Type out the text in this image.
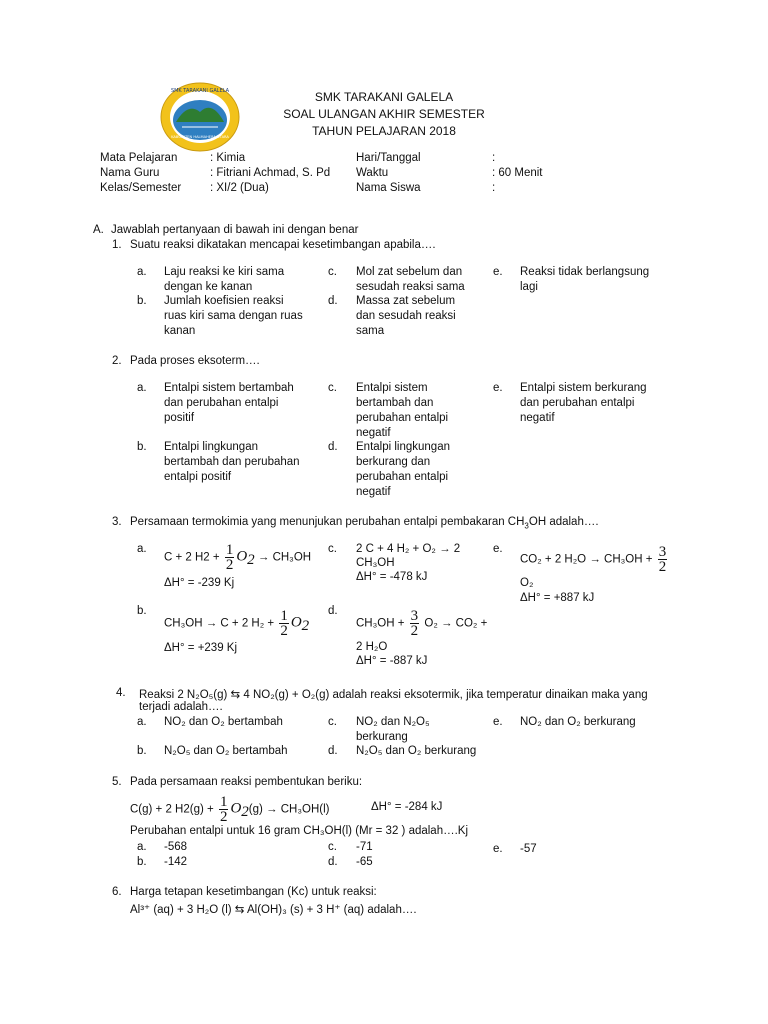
SMK TARAKANI GALELA
KABUPATEN HALMAHERA UTARA
SMK TARAKANI GALELA
SOAL ULANGAN AKHIR SEMESTER
TAHUN PELAJARAN 2018
Mata Pelajaran	: Kimia
Nama Guru	: Fitriani Achmad, S. Pd
Kelas/Semester	: XI/2 (Dua)
Hari/Tanggal	:
Waktu	: 60 Menit
Nama Siswa	:
A. Jawablah pertanyaan di bawah ini dengan benar
1. Suatu reaksi dikatakan mencapai kesetimbangan apabila….
a. Laju reaksi ke kiri sama
dengan ke kanan
b. Jumlah koefisien reaksi
ruas kiri sama dengan ruas
kanan
c. Mol zat sebelum dan
sesudah reaksi sama
d. Massa zat sebelum
dan sesudah reaksi
sama
e. Reaksi tidak berlangsung
lagi
2. Pada proses eksoterm….
a. Entalpi sistem bertambah
dan perubahan entalpi
positif
b. Entalpi lingkungan
bertambah dan perubahan
entalpi positif
c. Entalpi sistem
bertambah dan
perubahan entalpi
negatif
d. Entalpi lingkungan
berkurang dan
perubahan entalpi
negatif
e. Entalpi sistem berkurang
dan perubahan entalpi
negatif
3. Persamaan termokimia yang menunjukan perubahan entalpi pembakaran $CH_3OH$ adalah….
a.
C + 2 $H2 + \frac{1}{2} O_2 \to CH_3OH$
ΔH° = -239 Kj
b.
CH₃OH → C + 2 $H_2 + \frac{1}{2} O_2$
ΔH° = +239 Kj
c. 2 C + 4 H₂ + O₂ → 2
CH₃OH
ΔH° = -478 kJ
d.
$CH_3OH + \frac{3}{2} O_2 \to CO_2$ +
2 H₂O
ΔH° = -887 kJ
e.
CO₂ + 2 $H_2O \to CH_3OH + \frac{3}{2}$
O₂
ΔH° = +887 kJ
4. Reaksi 2 N₂O₅(g) ⇆ 4 NO₂(g) + O₂(g) adalah reaksi eksotermik, jika temperatur dinaikan maka yang
terjadi adalah….
a. NO₂ dan O₂ bertambah
b. N₂O₅ dan O₂ bertambah
c. NO₂ dan N₂O₅
berkurang
d. N₂O₅ dan O₂ berkurang
e. NO₂ dan O₂ berkurang
5. Pada persamaan reaksi pembentukan beriku:
C(g) + 2 $H2(g) + \frac{1}{2} O_2(g) \to CH_3OH(l)$	ΔH° = -284 kJ
Perubahan entalpi untuk 16 gram CH₃OH(l) (Mr = 32 ) adalah….Kj
a. -568
b. -142
c. -71
d. -65
e. -57
6. Harga tetapan kesetimbangan (Kc) untuk reaksi:
Al³⁺ (aq) + 3 H₂O (l) ⇆ Al(OH)₃ (s) + 3 H⁺ (aq) adalah….
